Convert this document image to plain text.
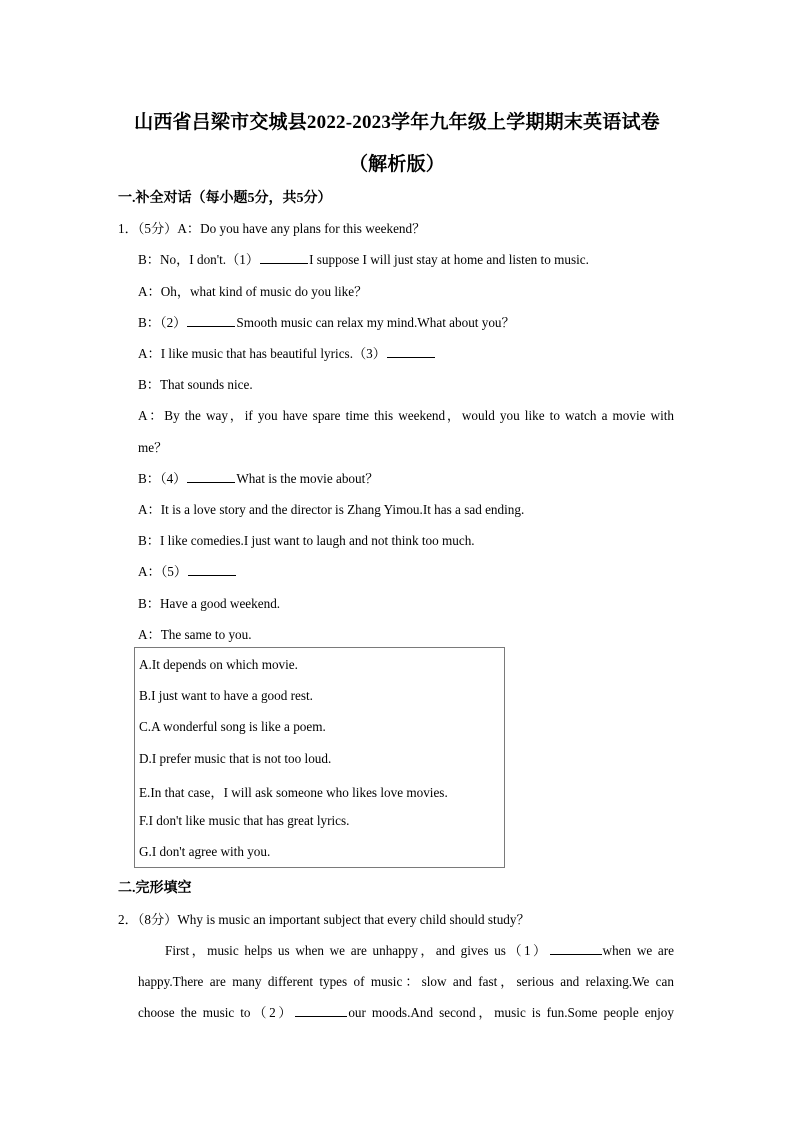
山西省吕梁市交城县2022-2023学年九年级上学期期末英语试卷
（解析版）
一.补全对话（每小题5分，共5分）
1．（5分）A：Do you have any plans for this weekend？
B：No，I don't.（1）	I suppose I will just stay at home and listen to music.
A：Oh，what kind of music do you like？
B：（2）	Smooth music can relax my mind.What about you？
A：I like music that has beautiful lyrics.（3）
B：That sounds nice.
A：By the way，if you have spare time this weekend，would you like to watch a movie with
me？
B：（4）	What is the movie about？
A：It is a love story and the director is Zhang Yimou.It has a sad ending.
B：I like comedies.I just want to laugh and not think too much.
A：（5）
B：Have a good weekend.
A：The same to you.
A.It depends on which movie.
B.I just want to have a good rest.
C.A wonderful song is like a poem.
D.I prefer music that is not too loud.
E.In that case，I will ask someone who likes love movies.
F.I don't like music that has great lyrics.
G.I don't agree with you.
二.完形填空
2．（8分）Why is music an important subject that every child should study？
First，music helps us when we are unhappy，and gives us（1）	when we are
happy.There are many different types of music：slow and fast，serious and relaxing.We can
choose the music to（2）	our moods.And second，music is fun.Some people enjoy
